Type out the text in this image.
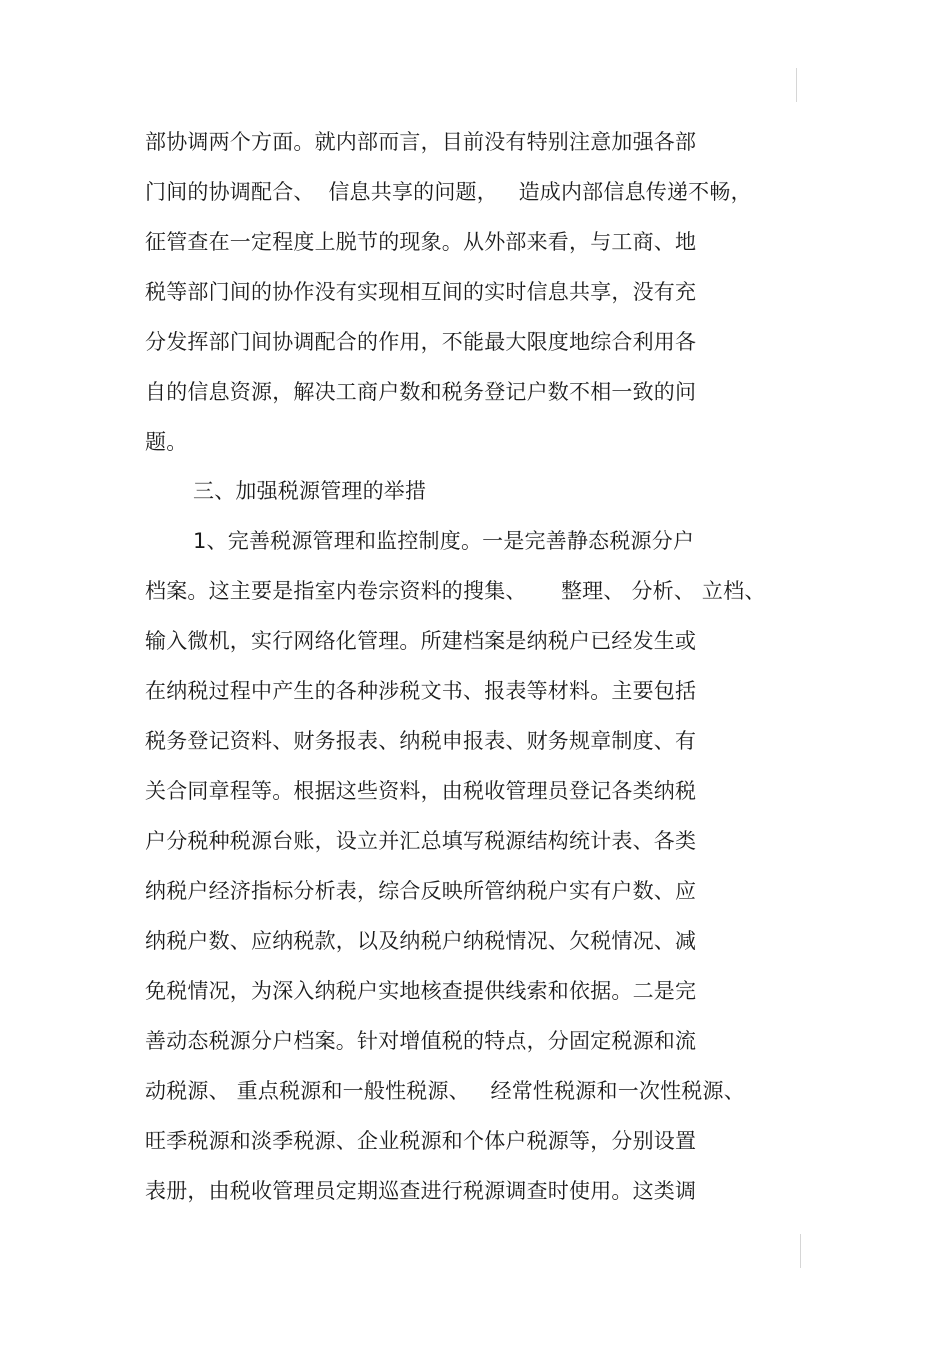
部协调两个方面。就内部而言，目前没有特别注意加强各部
门间的协调配合、  信息共享的问题，   造成内部信息传递不畅，
征管查在一定程度上脱节的现象。从外部来看，与工商、地
税等部门间的协作没有实现相互间的实时信息共享，没有充
分发挥部门间协调配合的作用，不能最大限度地综合利用各
自的信息资源，解决工商户数和税务登记户数不相一致的问
题。
三、加强税源管理的举措
1、完善税源管理和监控制度。一是完善静态税源分户
档案。这主要是指室内卷宗资料的搜集、     整理、 分析、 立档、
输入微机，实行网络化管理。所建档案是纳税户已经发生或
在纳税过程中产生的各种涉税文书、报表等材料。主要包括
税务登记资料、财务报表、纳税申报表、财务规章制度、有
关合同章程等。根据这些资料，由税收管理员登记各类纳税
户分税种税源台账，设立并汇总填写税源结构统计表、各类
纳税户经济指标分析表，综合反映所管纳税户实有户数、应
纳税户数、应纳税款，以及纳税户纳税情况、欠税情况、减
免税情况，为深入纳税户实地核查提供线索和依据。二是完
善动态税源分户档案。针对增值税的特点，分固定税源和流
动税源、 重点税源和一般性税源、   经常性税源和一次性税源、
旺季税源和淡季税源、企业税源和个体户税源等，分别设置
表册，由税收管理员定期巡查进行税源调查时使用。这类调
